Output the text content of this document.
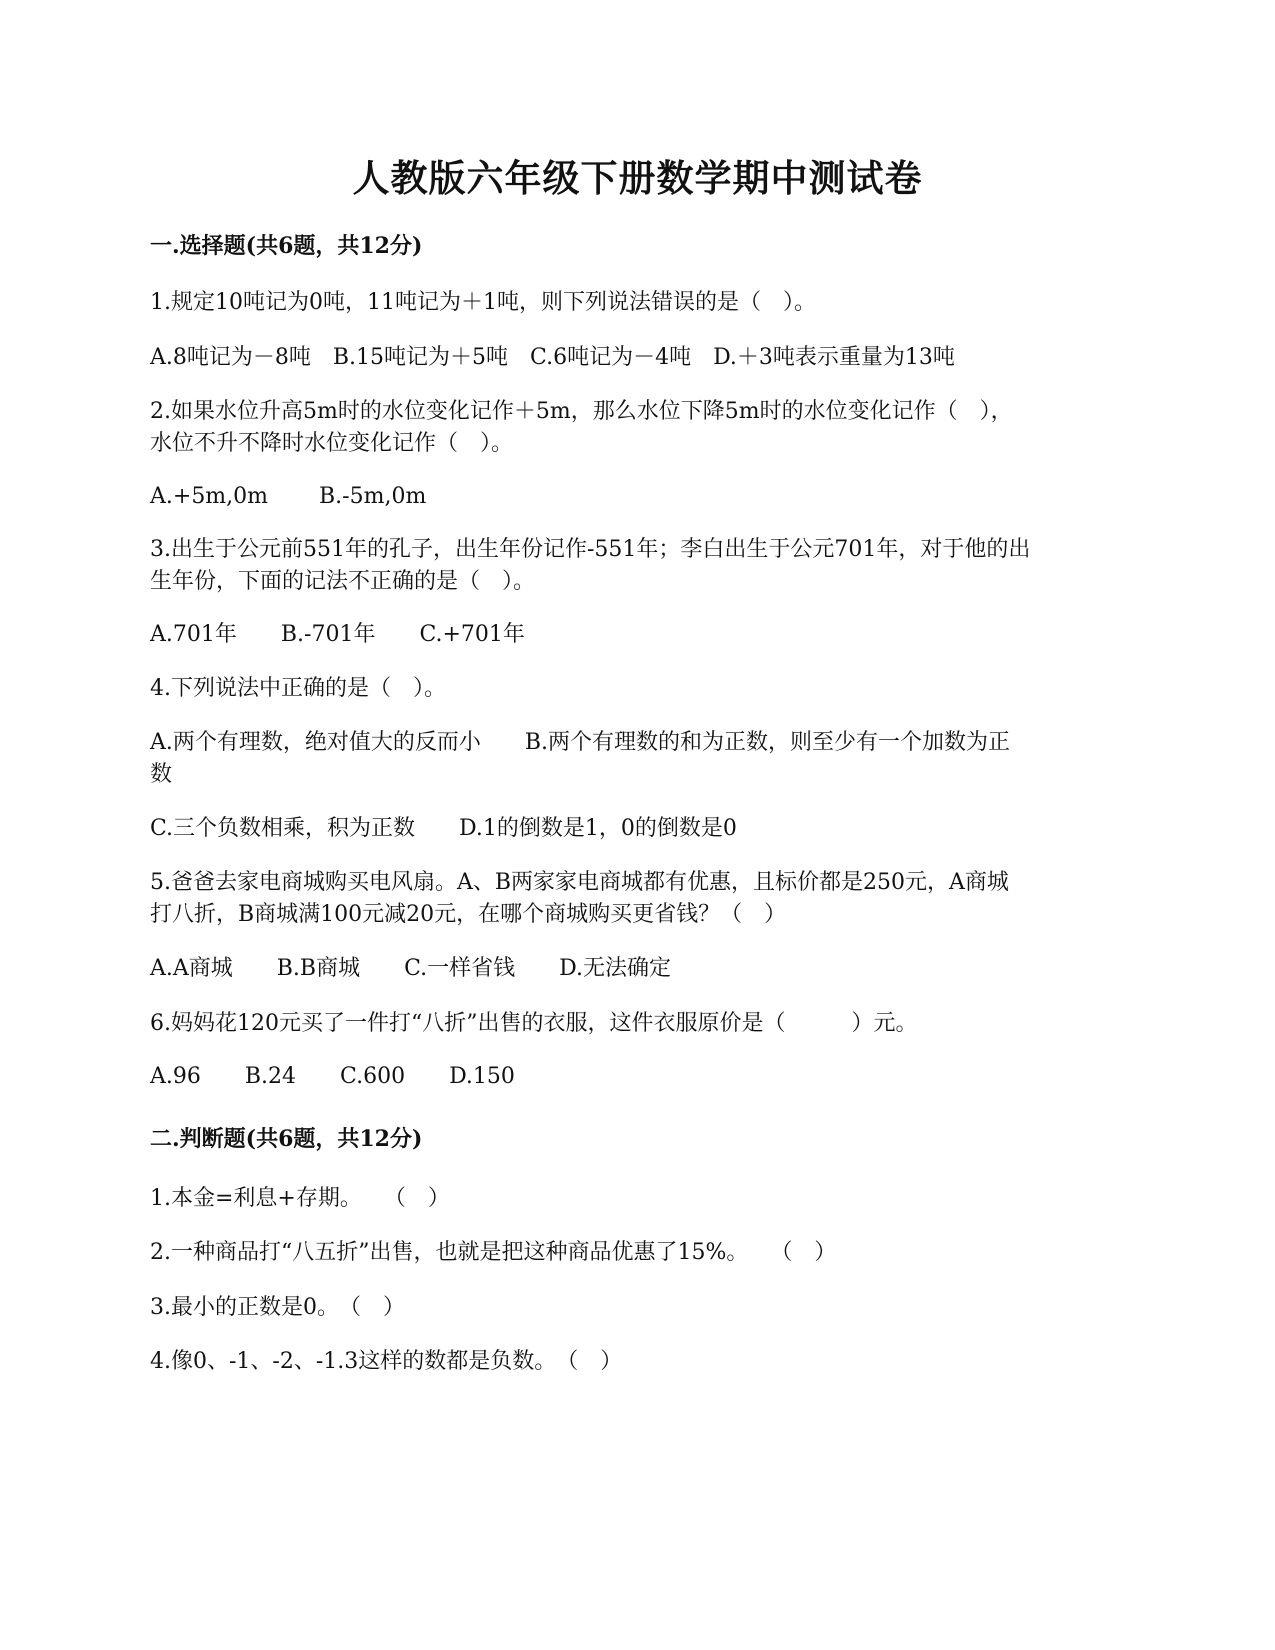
人教版六年级下册数学期中测试卷

一.选择题(共6题，共12分)

1.规定10吨记为0吨，11吨记为＋1吨，则下列说法错误的是（　）。

A.8吨记为－8吨　B.15吨记为＋5吨　C.6吨记为－4吨　D.＋3吨表示重量为13吨

2.如果水位升高5m时的水位变化记作＋5m，那么水位下降5m时的水位变化记作（　），

水位不升不降时水位变化记作（　）。

A.+5m,0m　　 B.-5m,0m

3.出生于公元前551年的孔子，出生年份记作-551年；李白出生于公元701年，对于他的出

生年份，下面的记法不正确的是（　）。

A.701年　　B.-701年　　C.+701年

4.下列说法中正确的是（　）。

A.两个有理数，绝对值大的反而小　　B.两个有理数的和为正数，则至少有一个加数为正

数

C.三个负数相乘，积为正数　　D.1的倒数是1，0的倒数是0

5.爸爸去家电商城购买电风扇。A、B两家家电商城都有优惠，且标价都是250元，A商城

打八折，B商城满100元减20元，在哪个商城购买更省钱？（　）

A.A商城　　B.B商城　　C.一样省钱　　D.无法确定

6.妈妈花120元买了一件打“八折”出售的衣服，这件衣服原价是（　　　）元。

A.96　　B.24　　C.600　　D.150

二.判断题(共6题，共12分)

1.本金=利息+存期。　　（　）

2.一种商品打“八五折”出售，也就是把这种商品优惠了15%。　　（　）

3.最小的正数是0。　（　）

4.像0、-1、-2、-1.3这样的数都是负数。　（　）
